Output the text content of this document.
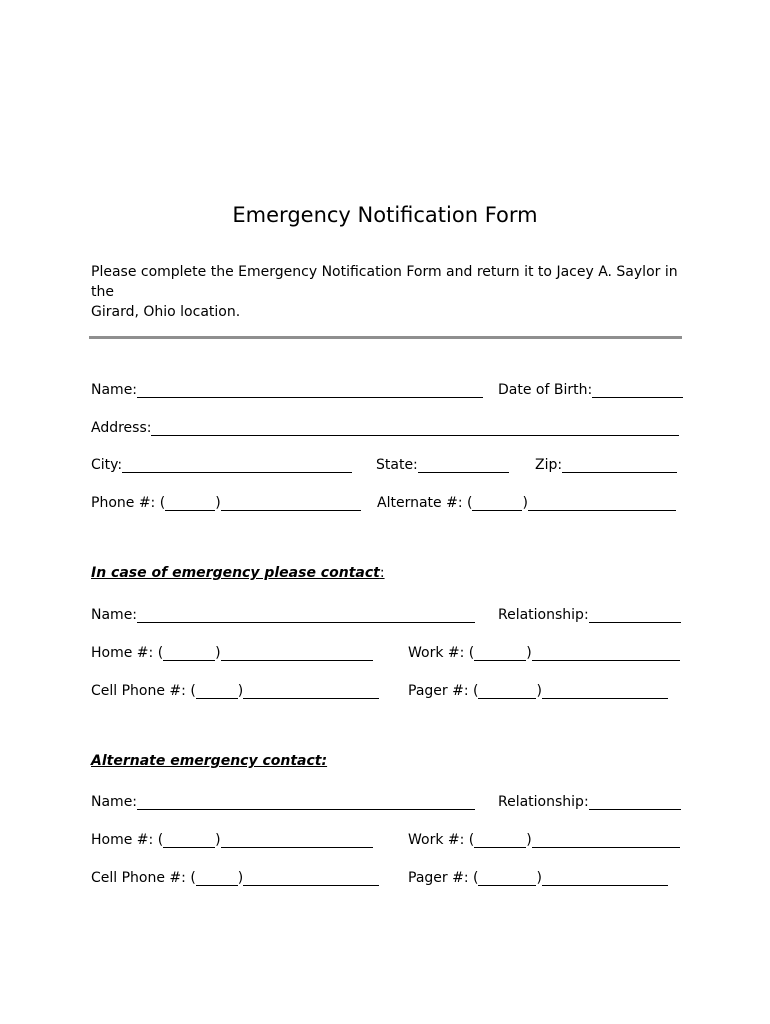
Emergency Notification Form
Please complete the Emergency Notification Form and return it to Jacey A. Saylor in the
Girard, Ohio location.
Name:	Date of Birth:
Address:
City:	State:	Zip:
Phone #: (	)	Alternate #: (	)
In case of emergency please contact:
Name:	Relationship:
Home #: (	)	Work #: (	)
Cell Phone #: (	)	Pager #: (	)
Alternate emergency contact:
Name:	Relationship:
Home #: (	)	Work #: (	)
Cell Phone #: (	)	Pager #: (	)
